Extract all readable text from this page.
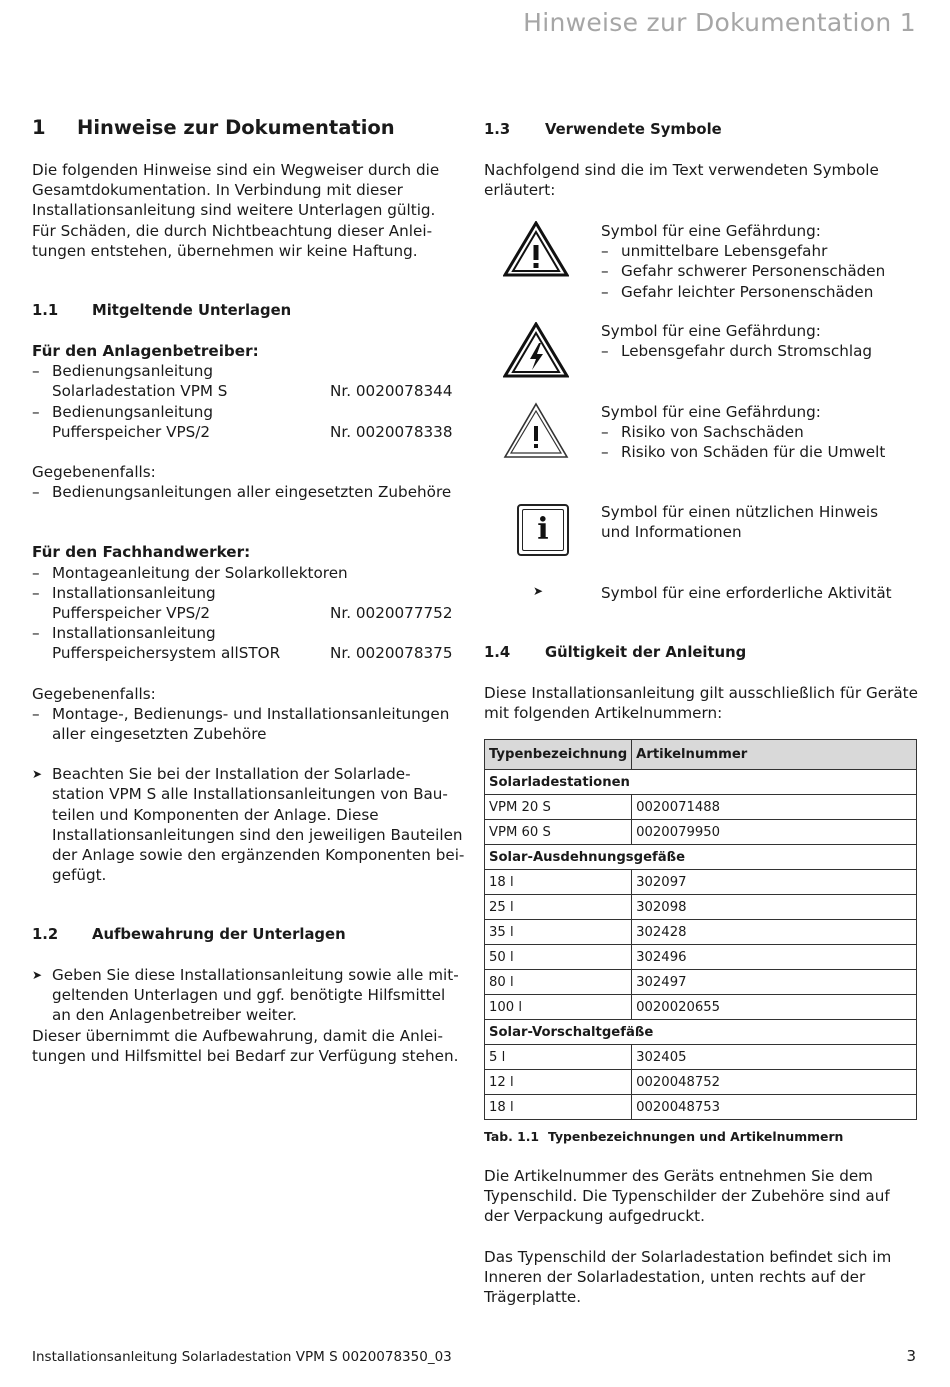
Hinweise zur Dokumentation 1
1 Hinweise zur Dokumentation
Die folgenden Hinweise sind ein Wegweiser durch die
Gesamtdokumentation. In Verbindung mit dieser
Installationsanleitung sind weitere Unterlagen gültig.
Für Schäden, die durch Nichtbeachtung dieser Anlei-
tungen entstehen, übernehmen wir keine Haftung.
1.1 Mitgeltende Unterlagen
Für den Anlagenbetreiber:
– Bedienungsanleitung
Solarladestation VPM S	Nr. 0020078344
– Bedienungsanleitung
Pufferspeicher VPS/2	Nr. 0020078338
Gegebenenfalls:
– Bedienungsanleitungen aller eingesetzten Zubehöre
Für den Fachhandwerker:
– Montageanleitung der Solarkollektoren
– Installationsanleitung
Pufferspeicher VPS/2	Nr. 0020077752
– Installationsanleitung
Pufferspeichersystem allSTOR	Nr. 0020078375
Gegebenenfalls:
– Montage-, Bedienungs- und Installationsanleitungen
aller eingesetzten Zubehöre
➤ Beachten Sie bei der Installation der Solarlade-
station VPM S alle Installationsanleitungen von Bau-
teilen und Komponenten der Anlage. Diese
Installationsanleitungen sind den jeweiligen Bauteilen
der Anlage sowie den ergänzenden Komponenten bei-
gefügt.
1.2 Aufbewahrung der Unterlagen
➤ Geben Sie diese Installationsanleitung sowie alle mit-
geltenden Unterlagen und ggf. benötigte Hilfsmittel
an den Anlagenbetreiber weiter.
Dieser übernimmt die Aufbewahrung, damit die Anlei-
tungen und Hilfsmittel bei Bedarf zur Verfügung stehen.
1.3 Verwendete Symbole
Nachfolgend sind die im Text verwendeten Symbole
erläutert:
Symbol für eine Gefährdung:
– unmittelbare Lebensgefahr
– Gefahr schwerer Personenschäden
– Gefahr leichter Personenschäden
Symbol für eine Gefährdung:
– Lebensgefahr durch Stromschlag
Symbol für eine Gefährdung:
– Risiko von Sachschäden
– Risiko von Schäden für die Umwelt
i	Symbol für einen nützlichen Hinweis
und Informationen
➤	Symbol für eine erforderliche Aktivität
1.4 Gültigkeit der Anleitung
Diese Installationsanleitung gilt ausschließlich für Geräte
mit folgenden Artikelnummern:
Typenbezeichnung	Artikelnummer
Solarladestationen	
VPM 20 S	0020071488
VPM 60 S	0020079950
Solar-Ausdehnungsgefäße	
18 l	302097
25 l	302098
35 l	302428
50 l	302496
80 l	302497
100 l	0020020655
Solar-Vorschaltgefäße	
5 l	302405
12 l	0020048752
18 l	0020048753
Tab. 1.1 Typenbezeichnungen und Artikelnummern
Die Artikelnummer des Geräts entnehmen Sie dem
Typenschild. Die Typenschilder der Zubehöre sind auf
der Verpackung aufgedruckt.
Das Typenschild der Solarladestation befindet sich im
Inneren der Solarladestation, unten rechts auf der
Trägerplatte.
Installationsanleitung Solarladestation VPM S 0020078350_03	3
